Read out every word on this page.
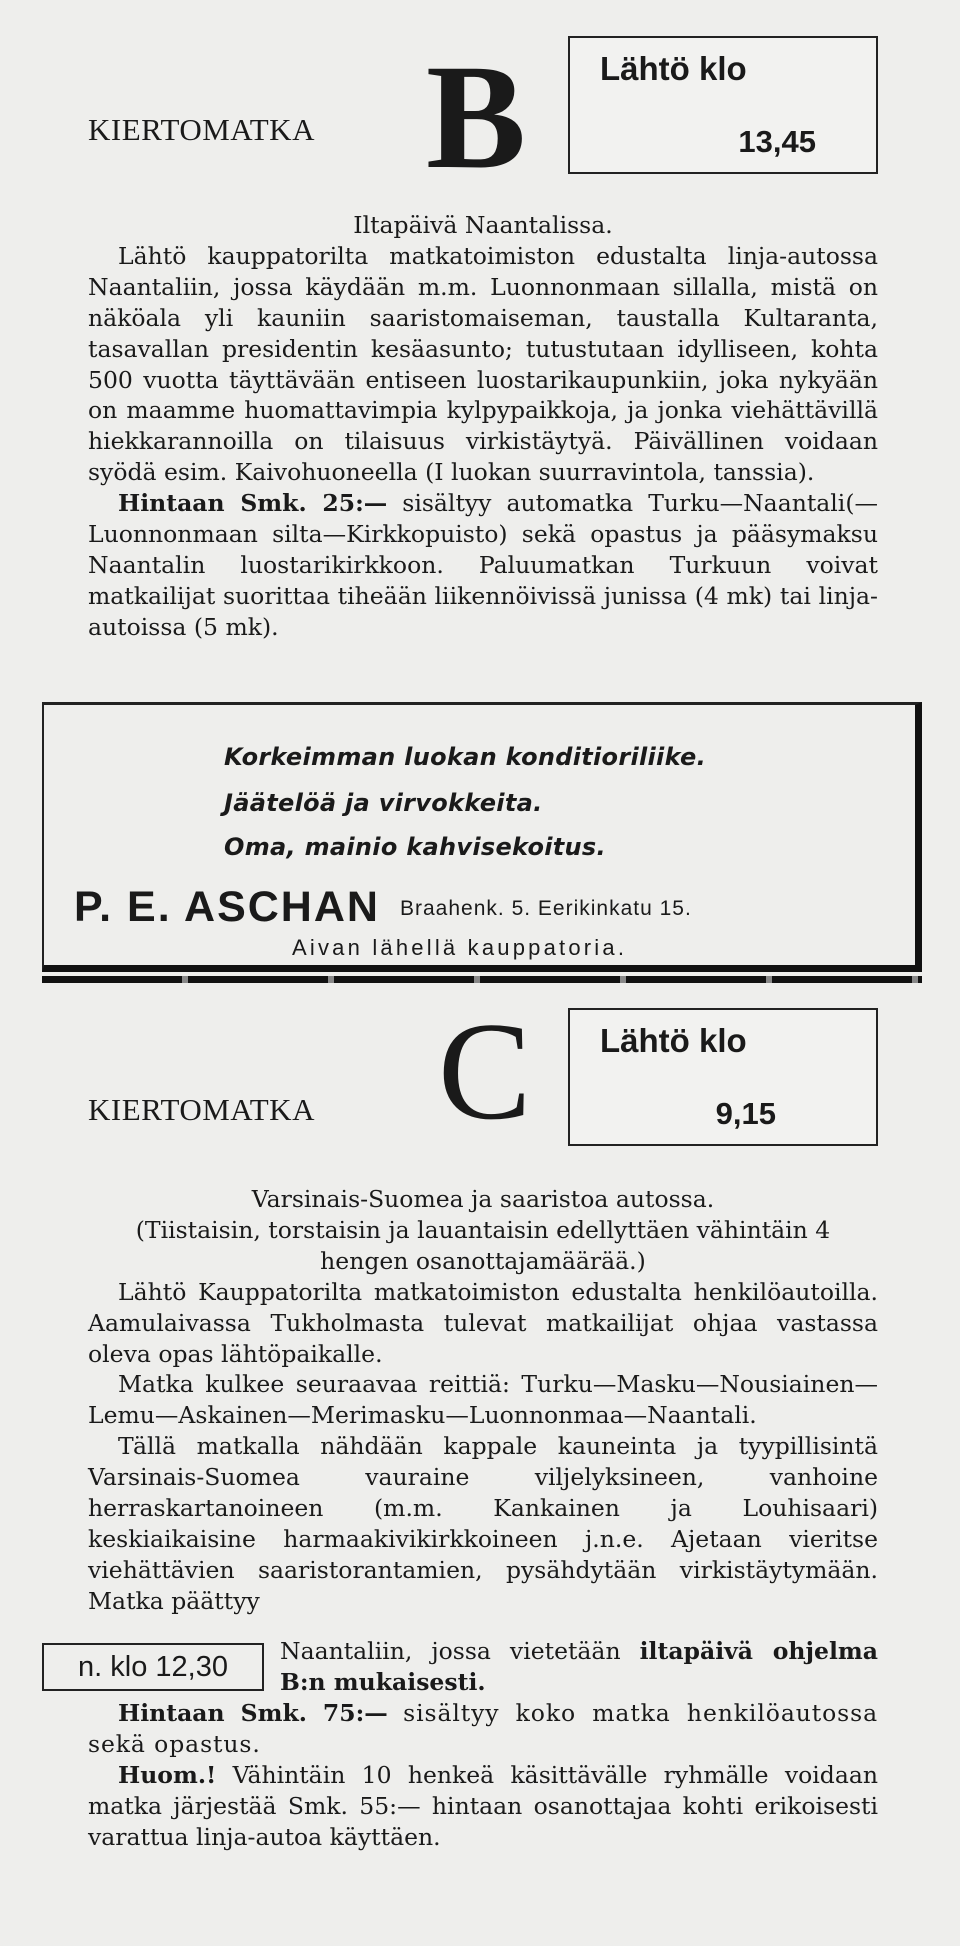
KIERTOMATKA B Lähtö klo
13,45

Iltapäivä Naantalissa.

Lähtö kauppatorilta matkatoimiston edustalta linja-autossa Naantaliin, jossa käydään m.m. Luonnonmaan sillalla, mistä on näköala yli kauniin saaristomaiseman, taustalla Kultaranta, tasavallan presidentin kesäasunto; tutustutaan idylliseen, kohta 500 vuotta täyttävään entiseen luostarikaupunkiin, joka nykyään on maamme huomattavimpia kylpypaikkoja, ja jonka viehättävillä hiekkarannoilla on tilaisuus virkistäytyä. Päivällinen voidaan syödä esim. Kaivohuoneella (I luokan suurravintola, tanssia).

Hintaan Smk. 25:— sisältyy automatka Turku—Naantali(—Luonnonmaan silta—Kirkkopuisto) sekä opastus ja pääsymaksu Naantalin luostarikirkkoon. Paluumatkan Turkuun voivat matkailijat suorittaa tiheään liikennöivissä junissa (4 mk) tai linja-autoissa (5 mk).

Korkeimman luokan konditioriliike.
Jäätelöä ja virvokkeita.
Oma, mainio kahvisekoitus.
P. E. ASCHAN Braahenk. 5. Eerikinkatu 15.
Aivan lähellä kauppatoria.
KIERTOMATKA C Lähtö klo
9,15

Varsinais-Suomea ja saaristoa autossa.

(Tiistaisin, torstaisin ja lauantaisin edellyttäen vähintäin 4 hengen osanottajamäärää.)

Lähtö Kauppatorilta matkatoimiston edustalta henkilöautoilla. Aamulaivassa Tukholmasta tulevat matkailijat ohjaa vastassa oleva opas lähtöpaikalle.

Matka kulkee seuraavaa reittiä: Turku—Masku—Nousiainen—Lemu—Askainen—Merimasku—Luonnonmaa—Naantali.

Tällä matkalla nähdään kappale kauneinta ja tyypillisintä Varsinais-Suomea vauraine viljelyksineen, vanhoine herraskartanoineen (m.m. Kankainen ja Louhisaari) keskiaikaisine harmaakivikirkkoineen j.n.e. Ajetaan vieritse viehättävien saaristorantamien, pysähdytään virkistäytymään. Matka päättyy

n. klo 12,30	Naantaliin, jossa vietetään iltapäivä ohjelma B:n mukaisesti.

Hintaan Smk. 75:— sisältyy koko matka henkilöautossa sekä opastus.

Huom.! Vähintäin 10 henkeä käsittävälle ryhmälle voidaan matka järjestää Smk. 55:— hintaan osanottajaa kohti erikoisesti varattua linja-autoa käyttäen.
